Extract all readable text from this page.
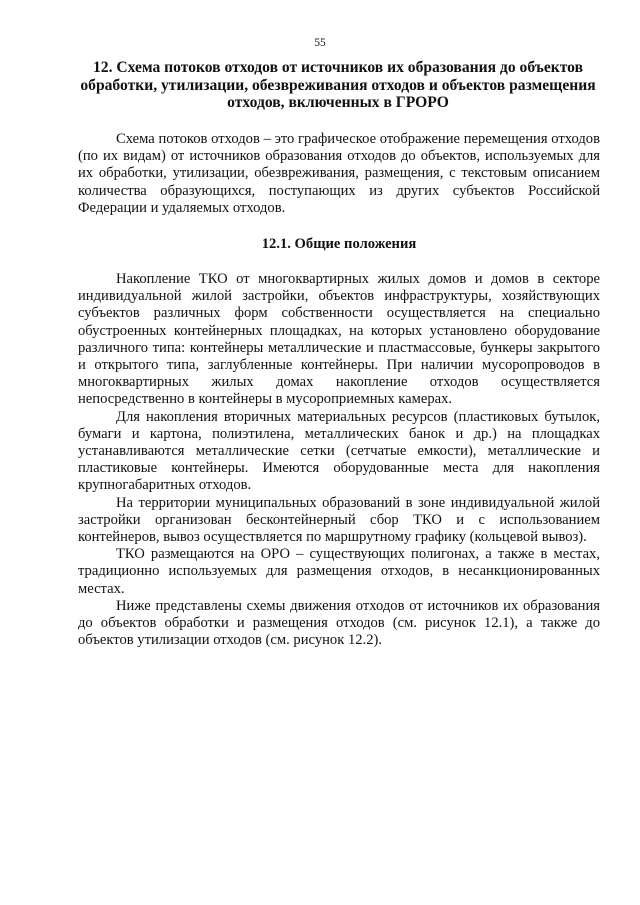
55
12. Схема потоков отходов от источников их образования до объектов обработки, утилизации, обезвреживания отходов и объектов размещения отходов, включенных в ГРОРО

Схема потоков отходов – это графическое отображение перемещения отходов (по их видам) от источников образования отходов до объектов, используемых для их обработки, утилизации, обезвреживания, размещения, с текстовым описанием количества образующихся, поступающих из других субъектов Российской Федерации и удаляемых отходов.

12.1. Общие положения

Накопление ТКО от многоквартирных жилых домов и домов в секторе индивидуальной жилой застройки, объектов инфраструктуры, хозяйствующих субъектов различных форм собственности осуществляется на специально обустроенных контейнерных площадках, на которых установлено оборудование различного типа: контейнеры металлические и пластмассовые, бункеры закрытого и открытого типа, заглубленные контейнеры. При наличии мусоропроводов в многоквартирных жилых домах накопление отходов осуществляется непосредственно в контейнеры в мусороприемных камерах.

Для накопления вторичных материальных ресурсов (пластиковых бутылок, бумаги и картона, полиэтилена, металлических банок и др.) на площадках устанавливаются металлические сетки (сетчатые емкости), металлические и пластиковые контейнеры. Имеются оборудованные места для накопления крупногабаритных отходов.

На территории муниципальных образований в зоне индивидуальной жилой застройки организован бесконтейнерный сбор ТКО и с использованием контейнеров, вывоз осуществляется по маршрутному графику (кольцевой вывоз).

ТКО размещаются на ОРО – существующих полигонах, а также в местах, традиционно используемых для размещения отходов, в несанкционированных местах.

Ниже представлены схемы движения отходов от источников их образования до объектов обработки и размещения отходов (см. рисунок 12.1), а также до объектов утилизации отходов (см. рисунок 12.2).
